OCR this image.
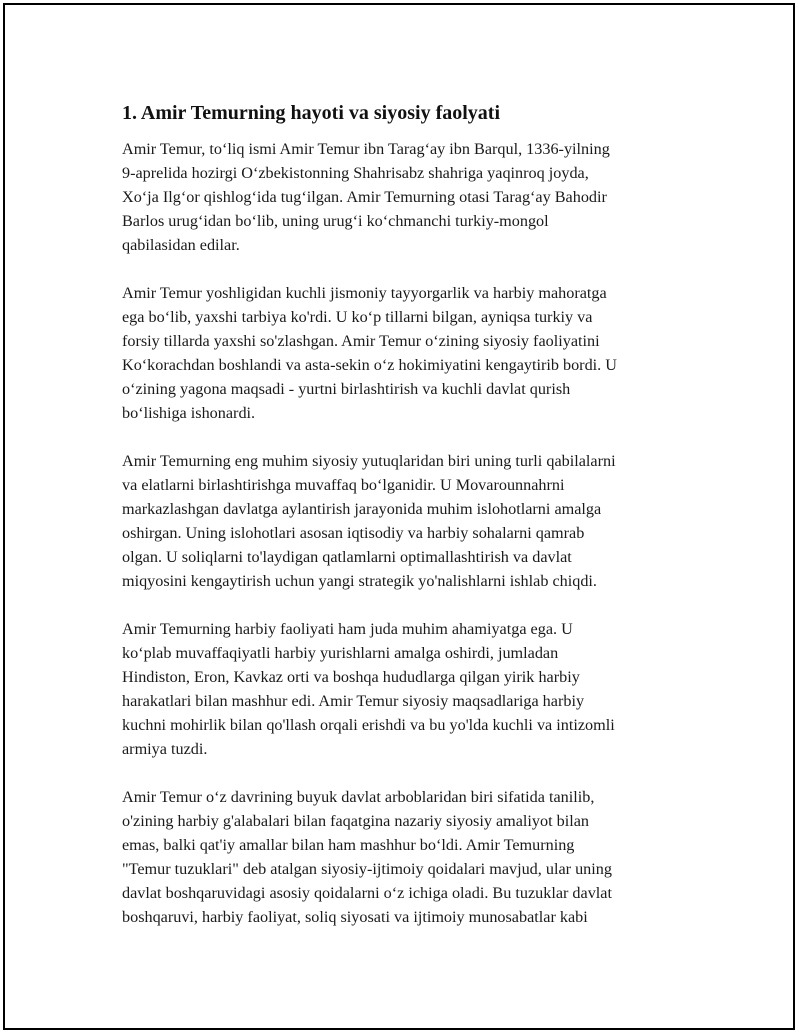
1. Amir Temurning hayoti va siyosiy faolyati
Amir Temur, to‘liq ismi Amir Temur ibn Tarag‘ay ibn Barqul, 1336-yilning
9-aprelida hozirgi O‘zbekistonning Shahrisabz shahriga yaqinroq joyda,
Xo‘ja Ilg‘or qishlog‘ida tug‘ilgan. Amir Temurning otasi Tarag‘ay Bahodir
Barlos urug‘idan bo‘lib, uning urug‘i ko‘chmanchi turkiy-mongol
qabilasidan edilar.
Amir Temur yoshligidan kuchli jismoniy tayyorgarlik va harbiy mahoratga
ega bo‘lib, yaxshi tarbiya ko'rdi. U ko‘p tillarni bilgan, ayniqsa turkiy va
forsiy tillarda yaxshi so'zlashgan. Amir Temur o‘zining siyosiy faoliyatini
Ko‘korachdan boshlandi va asta-sekin o‘z hokimiyatini kengaytirib bordi. U
o‘zining yagona maqsadi - yurtni birlashtirish va kuchli davlat qurish
bo‘lishiga ishonardi.
Amir Temurning eng muhim siyosiy yutuqlaridan biri uning turli qabilalarni
va elatlarni birlashtirishga muvaffaq bo‘lganidir. U Movarounnahrni
markazlashgan davlatga aylantirish jarayonida muhim islohotlarni amalga
oshirgan. Uning islohotlari asosan iqtisodiy va harbiy sohalarni qamrab
olgan. U soliqlarni to'laydigan qatlamlarni optimallashtirish va davlat
miqyosini kengaytirish uchun yangi strategik yo'nalishlarni ishlab chiqdi.
Amir Temurning harbiy faoliyati ham juda muhim ahamiyatga ega. U
ko‘plab muvaffaqiyatli harbiy yurishlarni amalga oshirdi, jumladan
Hindiston, Eron, Kavkaz orti va boshqa hududlarga qilgan yirik harbiy
harakatlari bilan mashhur edi. Amir Temur siyosiy maqsadlariga harbiy
kuchni mohirlik bilan qo'llash orqali erishdi va bu yo'lda kuchli va intizomli
armiya tuzdi.
Amir Temur o‘z davrining buyuk davlat arboblaridan biri sifatida tanilib,
o'zining harbiy g'alabalari bilan faqatgina nazariy siyosiy amaliyot bilan
emas, balki qat'iy amallar bilan ham mashhur bo‘ldi. Amir Temurning
"Temur tuzuklari" deb atalgan siyosiy-ijtimoiy qoidalari mavjud, ular uning
davlat boshqaruvidagi asosiy qoidalarni o‘z ichiga oladi. Bu tuzuklar davlat
boshqaruvi, harbiy faoliyat, soliq siyosati va ijtimoiy munosabatlar kabi
